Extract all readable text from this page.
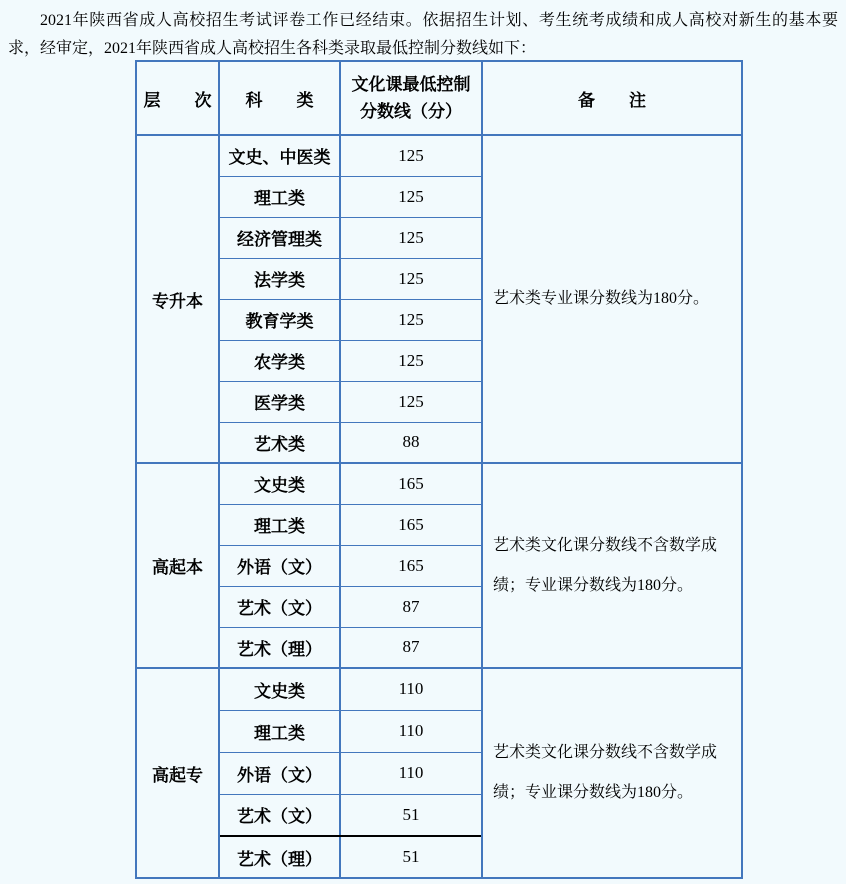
2021年陕西省成人高校招生考试评卷工作已经结束。依据招生计划、考生统考成绩和成人高校对新生的基本要求，经审定，2021年陕西省成人高校招生各科类录取最低控制分数线如下：

层　　次	科　　类	文化课最低控制
分数线（分）	备　　注
专升本	文史、中医类	125	艺术类专业课分数线为180分。
	理工类	125	
	经济管理类	125	
	法学类	125	
	教育学类	125	
	农学类	125	
	医学类	125	
	艺术类	88	
高起本	文史类	165	艺术类文化课分数线不含数学成绩；专业课分数线为180分。
	理工类	165	
	外语（文）	165	
	艺术（文）	87	
	艺术（理）	87	
高起专	文史类	110	艺术类文化课分数线不含数学成绩；专业课分数线为180分。
	理工类	110	
	外语（文）	110	
	艺术（文）	51	
	艺术（理）	51	
